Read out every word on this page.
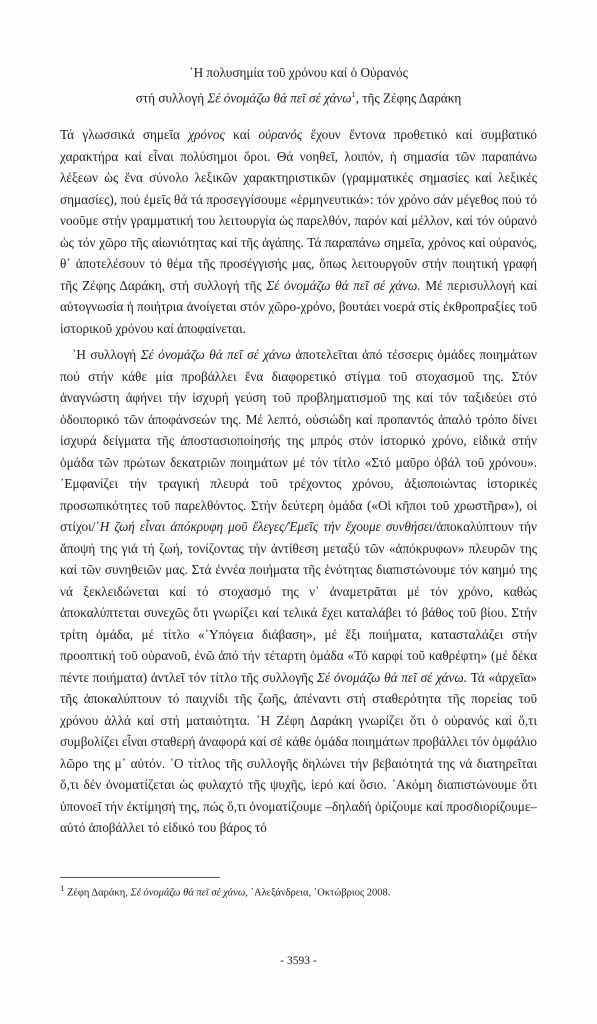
῾Η πολυσημία τοῦ χρόνου καί ὁ Οὐρανός
στή συλλογή Σέ ὀνομάζω θά πεῖ σέ χάνω$^1$, τῆς Ζέφης Δαράκη

Τά γλωσσικά σημεῖα χρόνος καί οὐρανός ἔχουν ἔντονα προθετικό καί συμβατικό χαρακτήρα καί εἶναι πολύσημοι ὅροι. Θά νοηθεῖ, λοιπόν, ἡ σημασία τῶν παραπάνω λέξεων ὡς ἕνα σύνολο λεξικῶν χαρακτηριστικῶν (γραμματικές σημασίες καί λεξικές σημασίες), πού ἐμεῖς θά τά προσεγγίσουμε «ἑρμηνευτικά»: τόν χρόνο σάν μέγεθος πού τό νοοῦμε στήν γραμματική του λειτουργία ὡς παρελθόν, παρόν καί μέλλον, καί τόν οὐρανό ὡς τόν χῶρο τῆς αἰωνιότητας καί τῆς ἀγάπης. Τά παραπάνω σημεῖα, χρόνος καί οὐρανός, θ᾽ ἀποτελέσουν τό θέμα τῆς προσέγγισής μας, ὅπως λειτουργοῦν στήν ποιητική γραφή τῆς Ζέφης Δαράκη, στή συλλογή τῆς Σέ ὀνομάζω θά πεῖ σέ χάνω. Μέ περισυλλογή καί αὐτογνωσία ἡ ποιήτρια ἀνοίγεται στόν χῶρο-χρόνο, βουτάει νοερά στίς ἐκθροπραξίες τοῦ ἱστορικοῦ χρόνου καί ἀποφαίνεται.

῾Η συλλογή Σέ ὀνομάζω θά πεῖ σέ χάνω ἀποτελεῖται ἀπό τέσσερις ὁμάδες ποιημάτων πού στήν κάθε μία προβάλλει ἕνα διαφορετικό στίγμα τοῦ στοχασμοῦ της. Στόν ἀναγνώστη ἀφήνει τήν ἰσχυρή γεύση τοῦ προβληματισμοῦ της καί τόν ταξιδεύει στό ὁδοιπορικό τῶν ἀποφάνσεών της. Μέ λεπτό, οὐσιώδη καί προπαντός ἁπαλό τρόπο δίνει ἰσχυρά δείγματα τῆς ἀποστασιοποίησής της μπρός στόν ἱστορικό χρόνο, εἰδικά στήν ὁμάδα τῶν πρώτων δεκατριῶν ποιημάτων μέ τόν τίτλο «Στό μαῦρο ὀβάλ τοῦ χρόνου». ᾿Εμφανίζει τήν τραγική πλευρά τοῦ τρέχοντος χρόνου, ἀξιοποιώντας ἱστορικές προσωπικότητες τοῦ παρελθόντος. Στήν δεύτερη ὁμάδα («Οἱ κῆποι τοῦ χρωστῆρα»), οἱ στίχοι/῾Η ζωή εἶναι ἀπόκρυφη μοῦ ἔλεγες/Ἐμεῖς τήν ἔχουμε συνθήσει/ἀποκαλύπτουν τήν ἄποψή της γιά τή ζωή, τονίζοντας τήν ἀντίθεση μεταξύ τῶν «ἀπόκρυφων» πλευρῶν της καί τῶν συνηθειῶν μας. Στά ἐννέα ποιήματα τῆς ἑνότητας διαπιστώνουμε τόν καημό της νά ξεκλειδώνεται καί τό στοχασμό της ν᾽ ἀναμετρᾶται μέ τόν χρόνο, καθώς ἀποκαλύπτεται συνεχῶς ὅτι γνωρίζει καί τελικά ἔχει καταλάβει τό βάθος τοῦ βίου. Στήν τρίτη ὁμάδα, μέ τίτλο «῾Υπόγεια διάβαση», μέ ἕξι ποιήματα, κατασταλάζει στήν προοπτική τοῦ οὐρανοῦ, ἐνῶ ἀπό τήν τέταρτη ὁμάδα «Τό καρφί τοῦ καθρέφτη» (μέ δέκα πέντε ποιήματα) ἀντλεῖ τόν τίτλο τῆς συλλογῆς Σέ ὀνομάζω θά πεῖ σέ χάνω. Τά «ἀρχεῖα» τῆς ἀποκαλύπτουν τό παιχνίδι τῆς ζωῆς, ἀπέναντι στή σταθερότητα τῆς πορείας τοῦ χρόνου ἀλλά καί στή ματαιότητα. ῾Η Ζέφη Δαράκη γνωρίζει ὅτι ὁ οὐρανός καί ὅ,τι συμβολίζει εἶναι σταθερή ἀναφορά καί σέ κάθε ὁμάδα ποιημάτων προβάλλει τόν ὀμφάλιο λῶρο της μ᾽ αὐτόν. ῾Ο τίτλος τῆς συλλογῆς δηλώνει τήν βεβαιότητά της νά διατηρεῖται ὅ,τι δέν ὀνοματίζεται ὡς φυλαχτό τῆς ψυχῆς, ἱερό καί ὅσιο. ᾿Ακόμη διαπιστώνουμε ὅτι ὑπονοεῖ τήν ἐκτίμησή της, πώς ὅ,τι ὀνοματίζουμε –δηλαδή ὁρίζουμε καί προσδιορίζουμε– αὐτό ἀποβάλλει τό εἰδικό του βάρος τό

$^1$ Ζέφη Δαράκη, Σέ ὀνομάζω θά πεῖ σέ χάνω, ᾿Αλεξάνδρεια, ᾿Οκτώβριος 2008.
- 3593 -
